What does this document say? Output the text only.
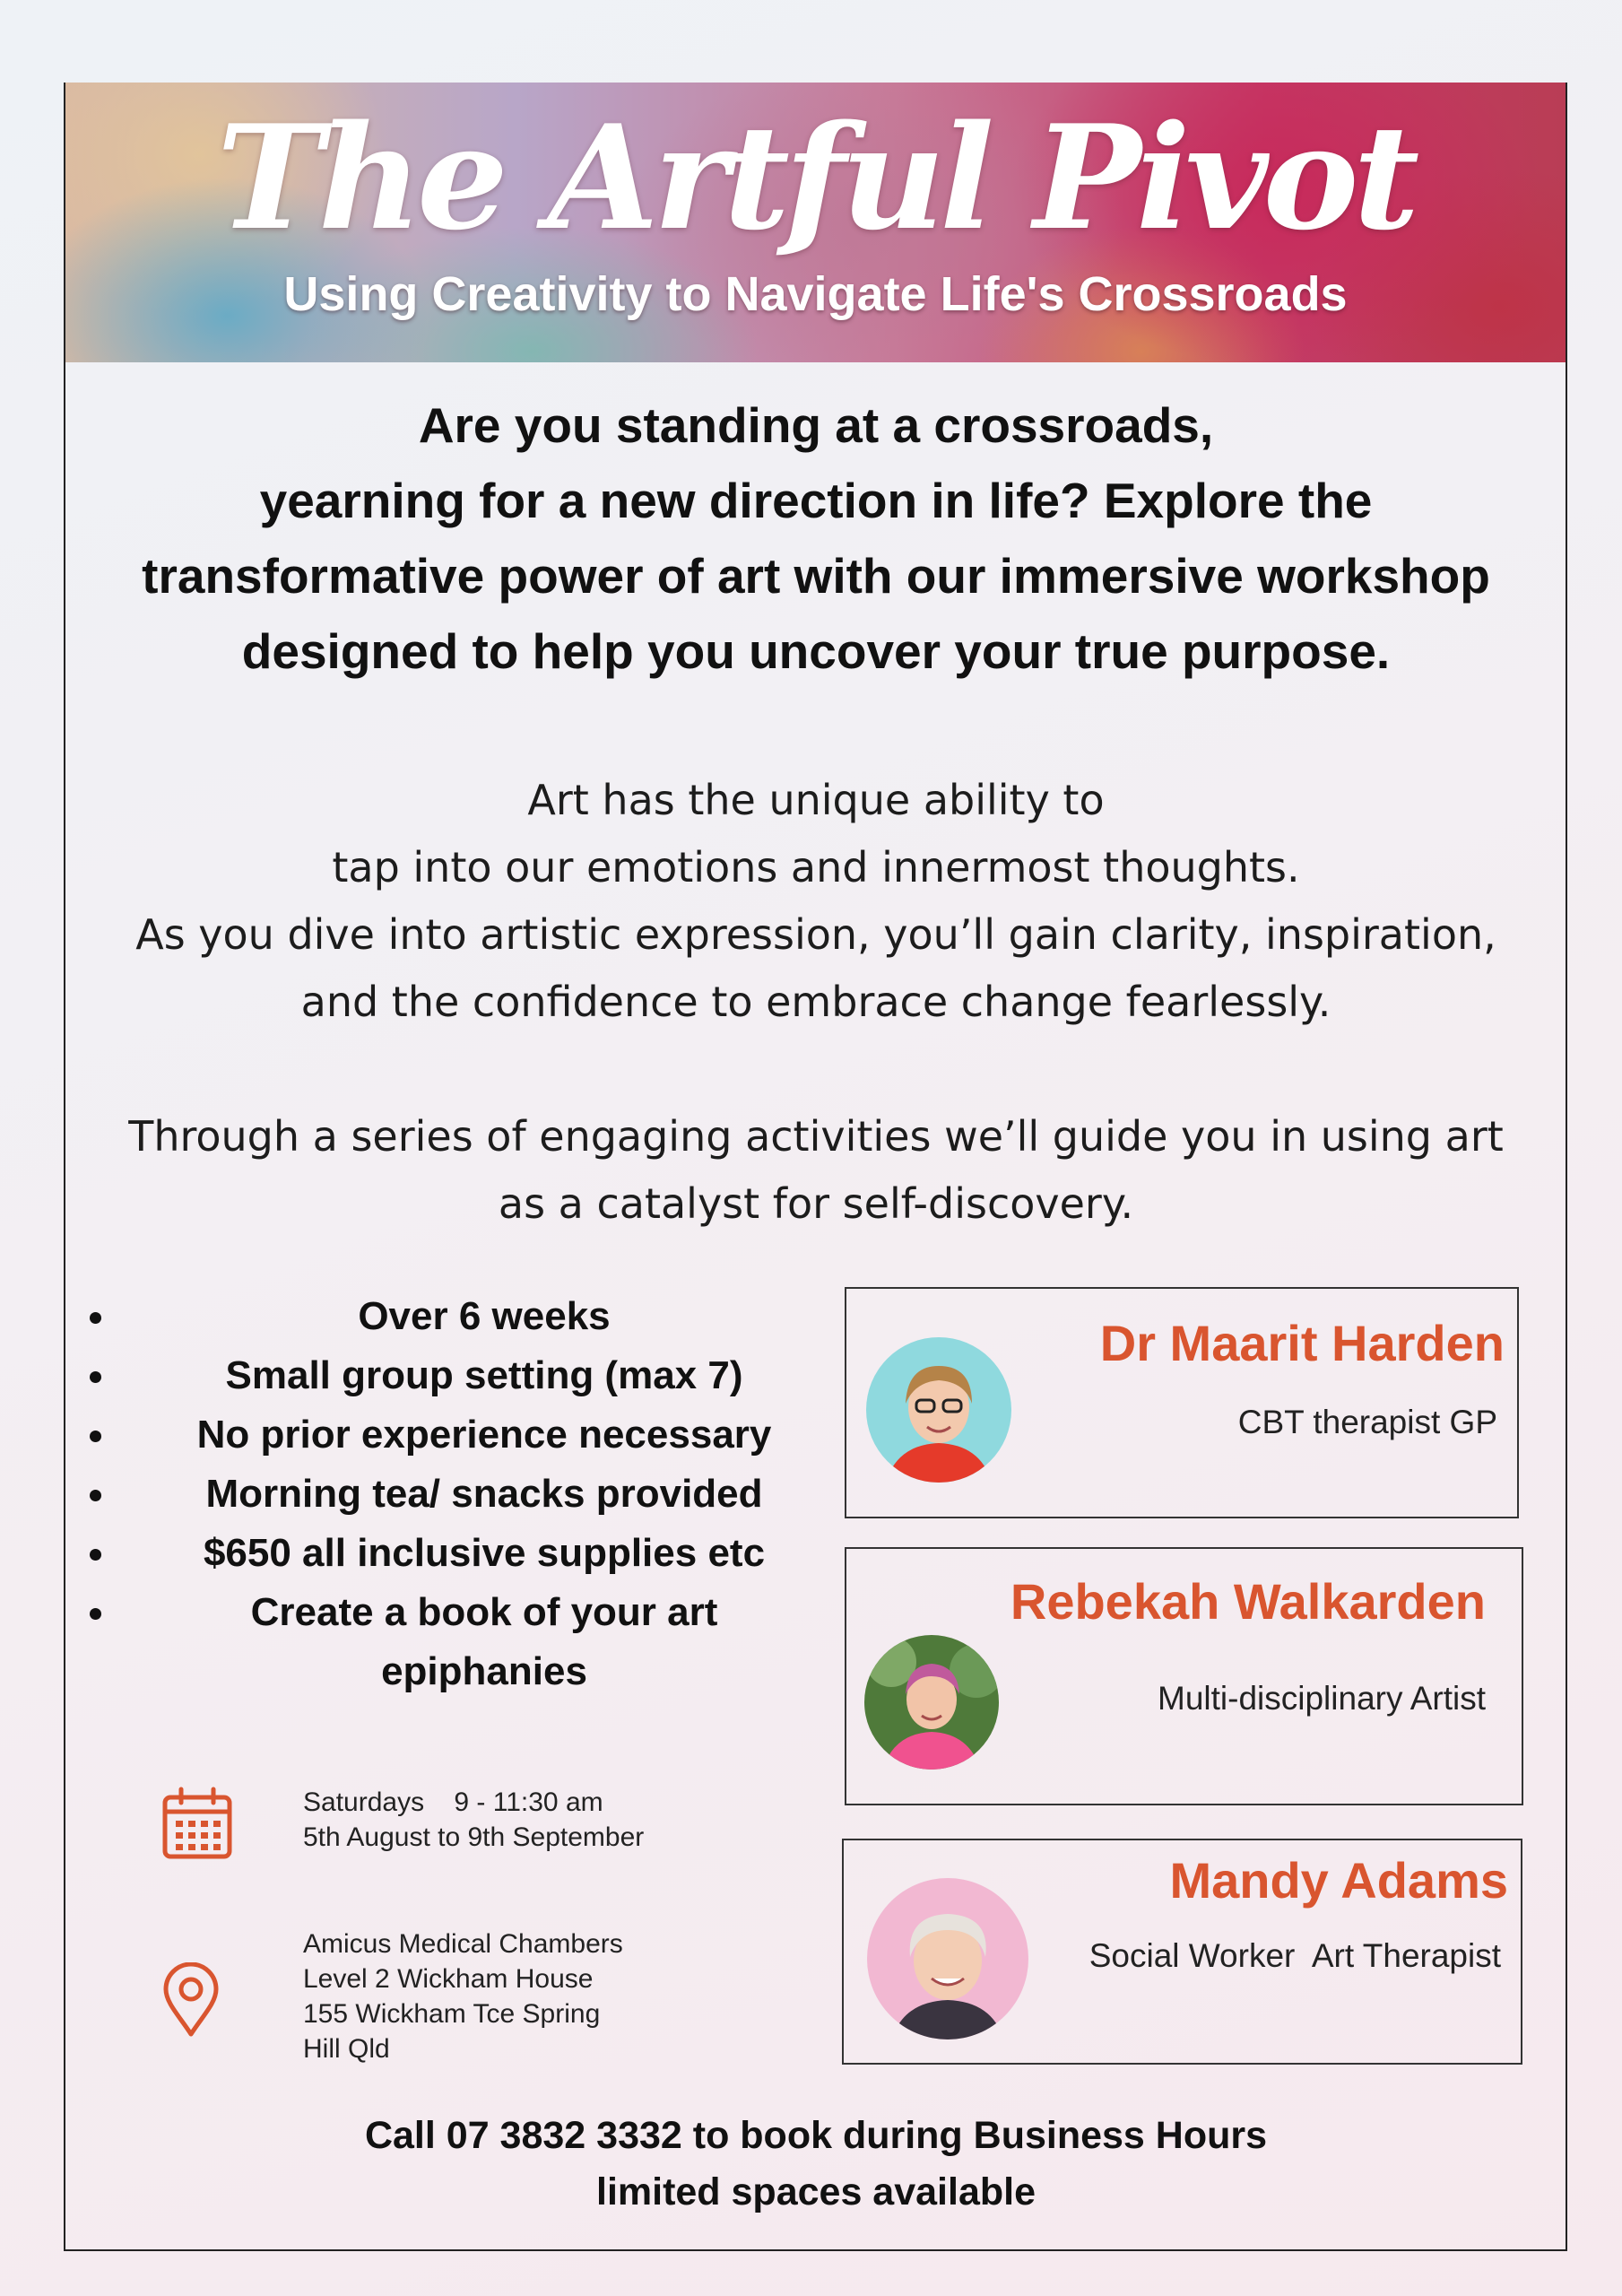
The Artful Pivot
Using Creativity to Navigate Life's Crossroads
Are you standing at a crossroads,
yearning for a new direction in life? Explore the
transformative power of art with our immersive workshop
designed to help you uncover your true purpose.
Art has the unique ability to
tap into our emotions and innermost thoughts.
As you dive into artistic expression, you’ll gain clarity, inspiration,
and the confidence to embrace change fearlessly.
Through a series of engaging activities we’ll guide you in using art
as a catalyst for self-discovery.
Over 6 weeks
Small group setting (max 7)
No prior experience necessary
Morning tea/ snacks provided
$650 all inclusive supplies etc
Create a book of your art epiphanies
Saturdays    9 - 11:30 am
5th August to 9th September
Amicus Medical Chambers
Level 2 Wickham House
155 Wickham Tce Spring
Hill Qld
Dr Maarit Harden
CBT therapist GP
Rebekah Walkarden
Multi-disciplinary Artist
Mandy Adams
Social Worker  Art Therapist
Call 07 3832 3332 to book during Business Hours
limited spaces available
